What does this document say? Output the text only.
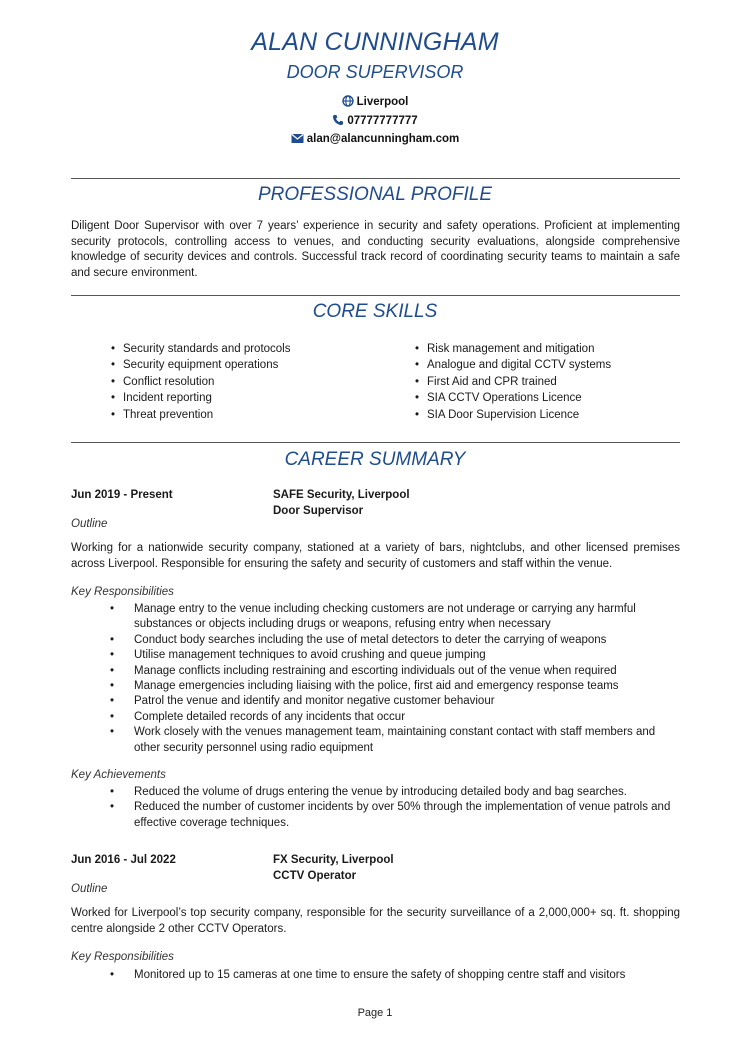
ALAN CUNNINGHAM
DOOR SUPERVISOR
Liverpool
07777777777
alan@alancunningham.com
PROFESSIONAL PROFILE
Diligent Door Supervisor with over 7 years’ experience in security and safety operations. Proficient at implementing security protocols, controlling access to venues, and conducting security evaluations, alongside comprehensive knowledge of security devices and controls. Successful track record of coordinating security teams to maintain a safe and secure environment.
CORE SKILLS
• Security standards and protocols
• Security equipment operations
• Conflict resolution
• Incident reporting
• Threat prevention
• Risk management and mitigation
• Analogue and digital CCTV systems
• First Aid and CPR trained
• SIA CCTV Operations Licence
• SIA Door Supervision Licence
CAREER SUMMARY
Jun 2019 - Present	SAFE Security, Liverpool
Door Supervisor
Outline
Working for a nationwide security company, stationed at a variety of bars, nightclubs, and other licensed premises across Liverpool. Responsible for ensuring the safety and security of customers and staff within the venue.
Key Responsibilities
• Manage entry to the venue including checking customers are not underage or carrying any harmful substances or objects including drugs or weapons, refusing entry when necessary
• Conduct body searches including the use of metal detectors to deter the carrying of weapons
• Utilise management techniques to avoid crushing and queue jumping
• Manage conflicts including restraining and escorting individuals out of the venue when required
• Manage emergencies including liaising with the police, first aid and emergency response teams
• Patrol the venue and identify and monitor negative customer behaviour
• Complete detailed records of any incidents that occur
• Work closely with the venues management team, maintaining constant contact with staff members and other security personnel using radio equipment
Key Achievements
• Reduced the volume of drugs entering the venue by introducing detailed body and bag searches.
• Reduced the number of customer incidents by over 50% through the implementation of venue patrols and effective coverage techniques.
Jun 2016 - Jul 2022	FX Security, Liverpool
CCTV Operator
Outline
Worked for Liverpool’s top security company, responsible for the security surveillance of a 2,000,000+ sq. ft. shopping centre alongside 2 other CCTV Operators.
Key Responsibilities
• Monitored up to 15 cameras at one time to ensure the safety of shopping centre staff and visitors
Page 1
